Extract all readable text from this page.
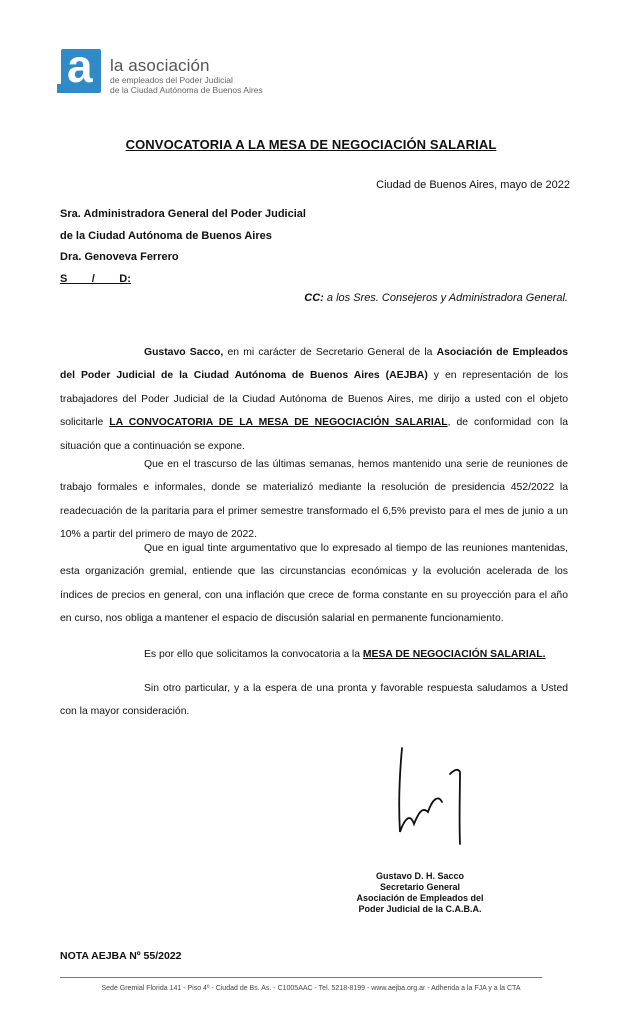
a la asociación
de empleados del Poder Judicial
de la Ciudad Autónoma de Buenos Aires
CONVOCATORIA A LA MESA DE NEGOCIACIÓN SALARIAL
Ciudad de Buenos Aires, mayo de 2022
Sra. Administradora General del Poder Judicial
de la Ciudad Autónoma de Buenos Aires
Dra. Genoveva Ferrero
S        /        D:
CC: a los Sres. Consejeros y Administradora General.

Gustavo Sacco, en mi carácter de Secretario General de la Asociación de Empleados del Poder Judicial de la Ciudad Autónoma de Buenos Aires (AEJBA) y en representación de los trabajadores del Poder Judicial de la Ciudad Autónoma de Buenos Aires, me dirijo a usted con el objeto solicitarle LA CONVOCATORIA DE LA MESA DE NEGOCIACIÓN SALARIAL, de conformidad con la situación que a continuación se expone.

Que en el trascurso de las últimas semanas, hemos mantenido una serie de reuniones de trabajo formales e informales, donde se materializó mediante la resolución de presidencia 452/2022 la readecuación de la paritaria para el primer semestre transformado el 6,5% previsto para el mes de junio a un 10% a partir del primero de mayo de 2022.

Que en igual tinte argumentativo que lo expresado al tiempo de las reuniones mantenidas, esta organización gremial, entiende que las circunstancias económicas y la evolución acelerada de los índices de precios en general, con una inflación que crece de forma constante en su proyección para el año en curso, nos obliga a mantener el espacio de discusión salarial en permanente funcionamiento.

Es por ello que solicitamos la convocatoria a la MESA DE NEGOCIACIÓN SALARIAL.

Sin otro particular, y a la espera de una pronta y favorable respuesta saludamos a Usted con la mayor consideración.

Gustavo D. H. Sacco
Secretario General
Asociación de Empleados del
Poder Judicial de la C.A.B.A.
NOTA AEJBA Nº 55/2022
Sede Gremial Florida 141 - Piso 4º - Ciudad de Bs. As. - C1005AAC - Tel. 5218-8199 - www.aejba.org.ar - Adherida a la FJA y a la CTA
